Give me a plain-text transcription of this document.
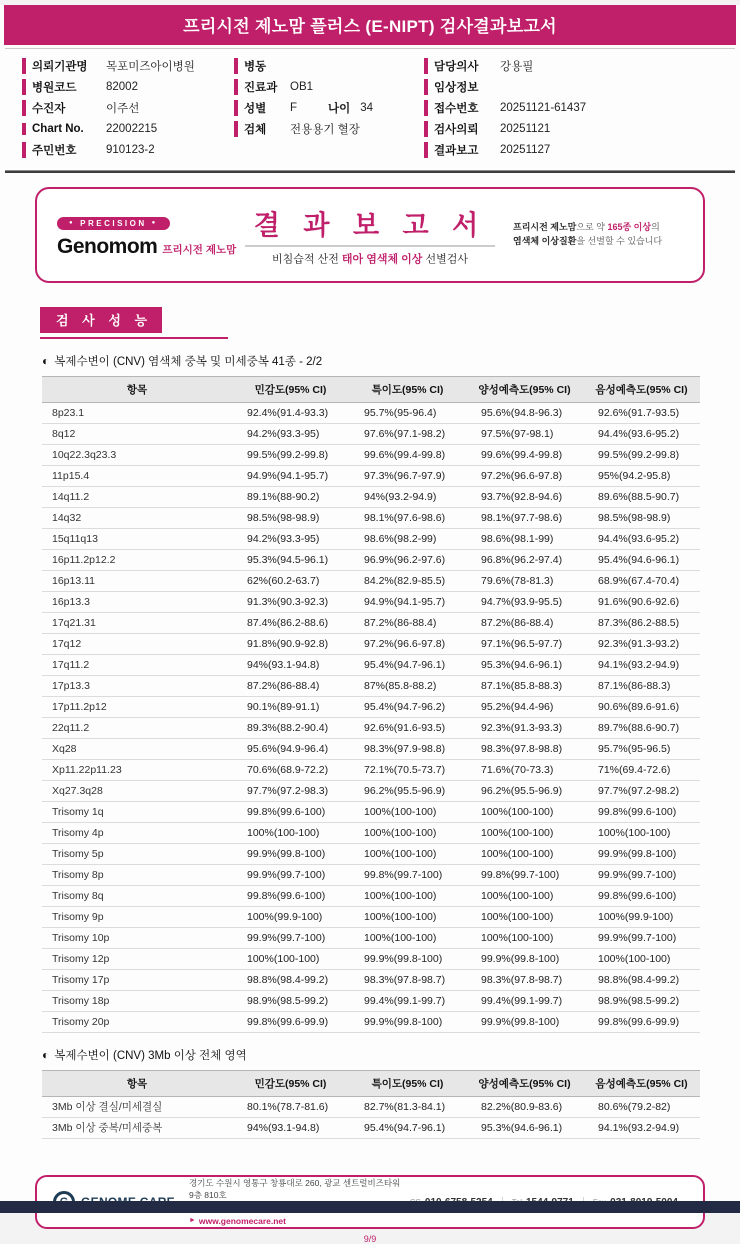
프리시전 제노맘 플러스 (E-NIPT) 검사결과보고서
의뢰기관명	목포미즈아이병원
병원코드	82002
수진자	이주선
Chart No.	22002215
주민번호	910123-2
병동
진료과	OB1
성별	F	나이 34
검체	전용용기 혈장
담당의사	강용필
임상정보
접수번호	20251121-61437
검사의뢰	20251121
결과보고	20251127
● PRECISION ●
Genomom 프리시전 제노맘
결 과 보 고 서
비침습적 산전 태아 염색체 이상 선별검사
프리시전 제노맘으로 약 165종 이상의
염색체 이상질환을 선별할 수 있습니다
검 사 성 능
◐ 복제수변이 (CNV) 염색체 중복 및 미세중복 41종 - 2/2
항목	민감도(95% CI)	특이도(95% CI)	양성예측도(95% CI)	음성예측도(95% CI)
8p23.1	92.4%(91.4-93.3)	95.7%(95-96.4)	95.6%(94.8-96.3)	92.6%(91.7-93.5)
8q12	94.2%(93.3-95)	97.6%(97.1-98.2)	97.5%(97-98.1)	94.4%(93.6-95.2)
10q22.3q23.3	99.5%(99.2-99.8)	99.6%(99.4-99.8)	99.6%(99.4-99.8)	99.5%(99.2-99.8)
11p15.4	94.9%(94.1-95.7)	97.3%(96.7-97.9)	97.2%(96.6-97.8)	95%(94.2-95.8)
14q11.2	89.1%(88-90.2)	94%(93.2-94.9)	93.7%(92.8-94.6)	89.6%(88.5-90.7)
14q32	98.5%(98-98.9)	98.1%(97.6-98.6)	98.1%(97.7-98.6)	98.5%(98-98.9)
15q11q13	94.2%(93.3-95)	98.6%(98.2-99)	98.6%(98.1-99)	94.4%(93.6-95.2)
16p11.2p12.2	95.3%(94.5-96.1)	96.9%(96.2-97.6)	96.8%(96.2-97.4)	95.4%(94.6-96.1)
16p13.11	62%(60.2-63.7)	84.2%(82.9-85.5)	79.6%(78-81.3)	68.9%(67.4-70.4)
16p13.3	91.3%(90.3-92.3)	94.9%(94.1-95.7)	94.7%(93.9-95.5)	91.6%(90.6-92.6)
17q21.31	87.4%(86.2-88.6)	87.2%(86-88.4)	87.2%(86-88.4)	87.3%(86.2-88.5)
17q12	91.8%(90.9-92.8)	97.2%(96.6-97.8)	97.1%(96.5-97.7)	92.3%(91.3-93.2)
17q11.2	94%(93.1-94.8)	95.4%(94.7-96.1)	95.3%(94.6-96.1)	94.1%(93.2-94.9)
17p13.3	87.2%(86-88.4)	87%(85.8-88.2)	87.1%(85.8-88.3)	87.1%(86-88.3)
17p11.2p12	90.1%(89-91.1)	95.4%(94.7-96.2)	95.2%(94.4-96)	90.6%(89.6-91.6)
22q11.2	89.3%(88.2-90.4)	92.6%(91.6-93.5)	92.3%(91.3-93.3)	89.7%(88.6-90.7)
Xq28	95.6%(94.9-96.4)	98.3%(97.9-98.8)	98.3%(97.8-98.8)	95.7%(95-96.5)
Xp11.22p11.23	70.6%(68.9-72.2)	72.1%(70.5-73.7)	71.6%(70-73.3)	71%(69.4-72.6)
Xq27.3q28	97.7%(97.2-98.3)	96.2%(95.5-96.9)	96.2%(95.5-96.9)	97.7%(97.2-98.2)
Trisomy 1q	99.8%(99.6-100)	100%(100-100)	100%(100-100)	99.8%(99.6-100)
Trisomy 4p	100%(100-100)	100%(100-100)	100%(100-100)	100%(100-100)
Trisomy 5p	99.9%(99.8-100)	100%(100-100)	100%(100-100)	99.9%(99.8-100)
Trisomy 8p	99.9%(99.7-100)	99.8%(99.7-100)	99.8%(99.7-100)	99.9%(99.7-100)
Trisomy 8q	99.8%(99.6-100)	100%(100-100)	100%(100-100)	99.8%(99.6-100)
Trisomy 9p	100%(99.9-100)	100%(100-100)	100%(100-100)	100%(99.9-100)
Trisomy 10p	99.9%(99.7-100)	100%(100-100)	100%(100-100)	99.9%(99.7-100)
Trisomy 12p	100%(100-100)	99.9%(99.8-100)	99.9%(99.8-100)	100%(100-100)
Trisomy 17p	98.8%(98.4-99.2)	98.3%(97.8-98.7)	98.3%(97.8-98.7)	98.8%(98.4-99.2)
Trisomy 18p	98.9%(98.5-99.2)	99.4%(99.1-99.7)	99.4%(99.1-99.7)	98.9%(98.5-99.2)
Trisomy 20p	99.8%(99.6-99.9)	99.9%(99.8-100)	99.9%(99.8-100)	99.8%(99.6-99.9)
◐ 복제수변이 (CNV) 3Mb 이상 전체 영역
항목	민감도(95% CI)	특이도(95% CI)	양성예측도(95% CI)	음성예측도(95% CI)
3Mb 이상 결실/미세결실	80.1%(78.7-81.6)	82.7%(81.3-84.1)	82.2%(80.9-83.6)	80.6%(79.2-82)
3Mb 이상 중복/미세중복	94%(93.1-94.8)	95.4%(94.7-96.1)	95.3%(94.6-96.1)	94.1%(93.2-94.9)
경기도 수원시 영통구 창룡대로 260, 광교 센트럴비즈타워 9층 810호
► www.genomecare.net
9/9
